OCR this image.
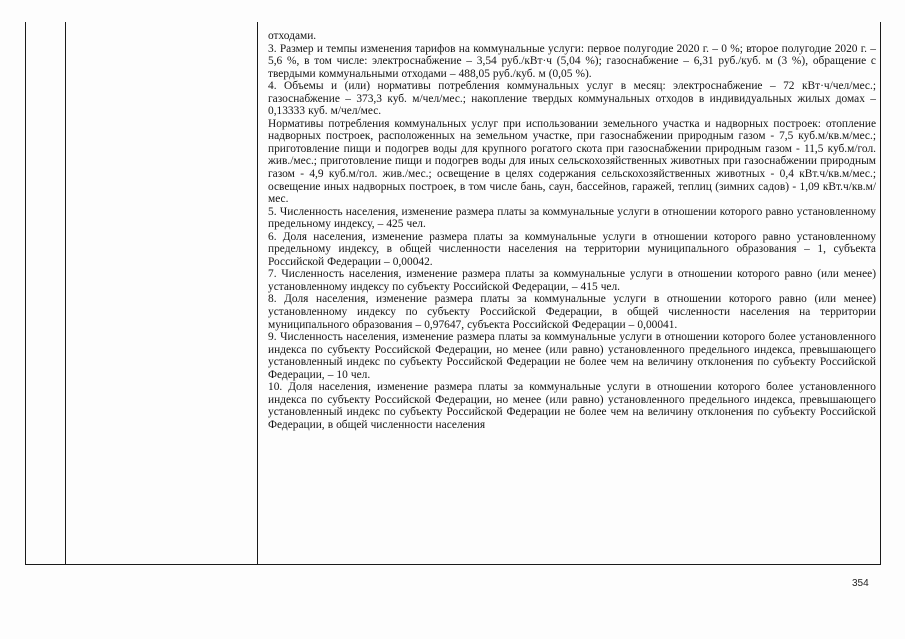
отходами.

3. Размер и темпы изменения тарифов на коммунальные услуги: первое полугодие 2020 г. – 0 %; второе полугодие 2020 г. – 5,6 %, в том числе: электроснабжение – 3,54 руб./кВт·ч (5,04 %); газоснабжение – 6,31 руб./куб. м (3 %), обращение с твердыми коммунальными отходами – 488,05 руб./куб. м (0,05 %).

4. Объемы и (или) нормативы потребления коммунальных услуг в месяц: электроснабжение – 72 кВт·ч/чел/мес.; газоснабжение – 373,3 куб. м/чел/мес.; накопление твердых коммунальных отходов в индивидуальных жилых домах – 0,13333 куб. м/чел/мес.

Нормативы потребления коммунальных услуг при использовании земельного участка и надворных построек: отопление надворных построек, расположенных на земельном участке, при газоснабжении природным газом - 7,5 куб.м/кв.м/мес.; приготовление пищи и подогрев воды для крупного рогатого скота при газоснабжении природным газом - 11,5 куб.м/гол. жив./мес.; приготовление пищи и подогрев воды для иных сельскохозяйственных животных при газоснабжении природным газом - 4,9 куб.м/гол. жив./мес.; освещение в целях содержания сельскохозяйственных животных - 0,4 кВт.ч/кв.м/мес.; освещение иных надворных построек, в том числе бань, саун, бассейнов, гаражей, теплиц (зимних садов) - 1,09 кВт.ч/кв.м/мес.

5. Численность населения, изменение размера платы за коммунальные услуги в отношении которого равно установленному предельному индексу, – 425 чел.

6. Доля населения, изменение размера платы за коммунальные услуги в отношении которого равно установленному предельному индексу, в общей численности населения на территории муниципального образования – 1, субъекта Российской Федерации – 0,00042.

7. Численность населения, изменение размера платы за коммунальные услуги в отношении которого равно (или менее) установленному индексу по субъекту Российской Федерации, – 415 чел.

8. Доля населения, изменение размера платы за коммунальные услуги в отношении которого равно (или менее) установленному индексу по субъекту Российской Федерации, в общей численности населения на территории муниципального образования – 0,97647, субъекта Российской Федерации – 0,00041.

9. Численность населения, изменение размера платы за коммунальные услуги в отношении которого более установленного индекса по субъекту Российской Федерации, но менее (или равно) установленного предельного индекса, превышающего установленный индекс по субъекту Российской Федерации не более чем на величину отклонения по субъекту Российской Федерации, – 10 чел.

10. Доля населения, изменение размера платы за коммунальные услуги в отношении которого более установленного индекса по субъекту Российской Федерации, но менее (или равно) установленного предельного индекса, превышающего установленный индекс по субъекту Российской Федерации не более чем на величину отклонения по субъекту Российской Федерации, в общей численности населения

354
